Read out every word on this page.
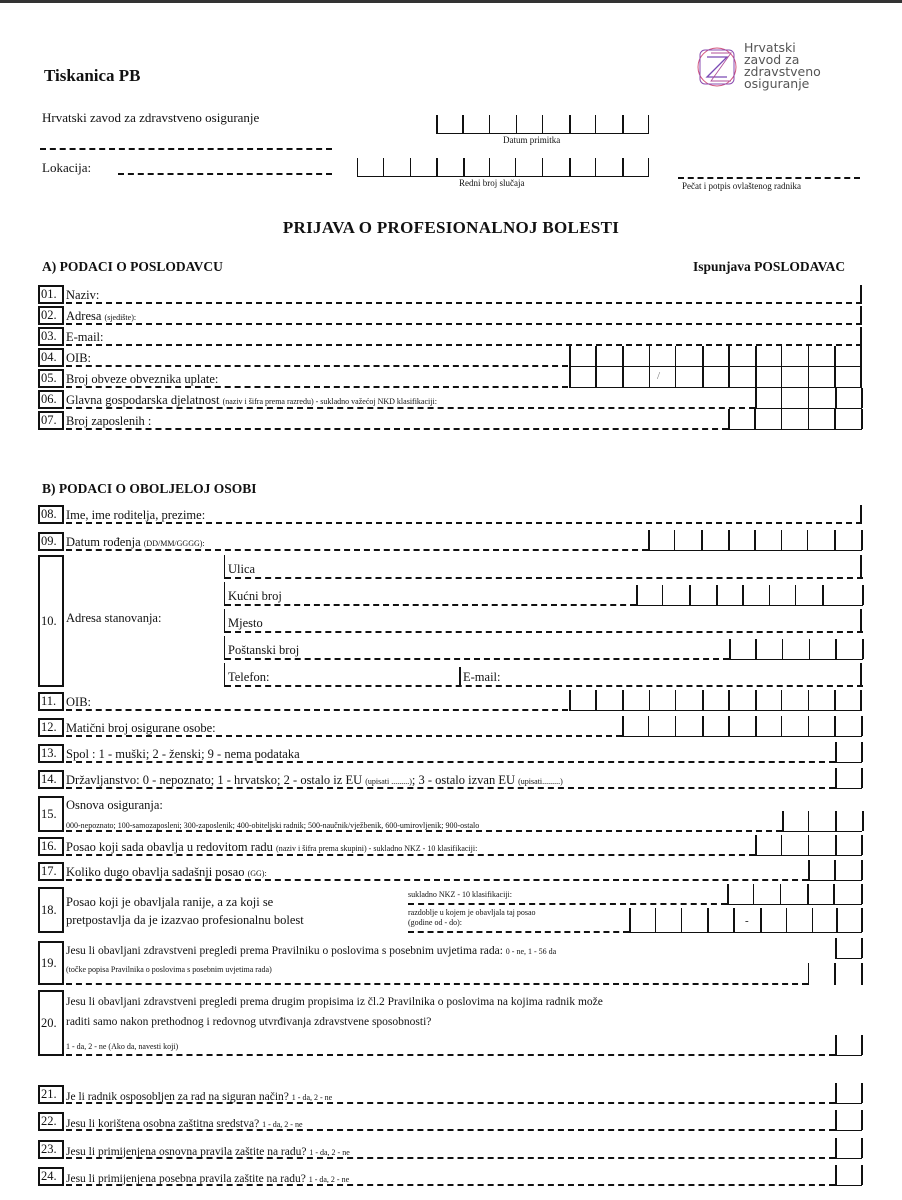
Tiskanica PB
Hrvatski zavod za zdravstveno osiguranje
Lokacija:
Datum primitka
Redni broj slučaja	Pečat i potpis ovlaštenog radnika
Hrvatski
zavod za
zdravstveno
osiguranje
PRIJAVA O PROFESIONALNOJ BOLESTI
A) PODACI O POSLODAVCU	Ispunjava POSLODAVAC
01. Naziv:
02. Adresa (sjedište):
03. E-mail:
04. OIB:
05. Broj obveze obveznika uplate:	/
06. Glavna gospodarska djelatnost (naziv i šifra prema razredu) - sukladno važećoj NKD klasifikaciji:
07. Broj zaposlenih :
B) PODACI O OBOLJELOJ OSOBI
08. Ime, ime roditelja, prezime:
09. Datum rođenja (DD/MM/GGGG):
10. Adresa stanovanja:
Ulica
Kućni broj
Mjesto
Poštanski broj
Telefon:	E-mail:
11. OIB:
12. Matični broj osigurane osobe:
13. Spol : 1 - muški; 2 - ženski; 9 - nema podataka
14. Državljanstvo: 0 - nepoznato; 1 - hrvatsko; 2 - ostalo iz EU (upisati .........); 3 - ostalo izvan EU (upisati.........)
15.
Osnova osiguranja:
000-nepoznato; 100-samozaposleni; 300-zaposlenik; 400-obiteljski radnik; 500-naučnik/vježbenik, 600-umirovljenik; 900-ostalo
16. Posao koji sada obavlja u redovitom radu (naziv i šifra prema skupini) - sukladno NKZ - 10 klasifikaciji:
17. Koliko dugo obavlja sadašnji posao (GG):
18.
Posao koji je obavljala ranije, a za koji se
pretpostavlja da je izazvao profesionalnu bolest
sukladno NKZ - 10 klasifikaciji:
razdoblje u kojem je obavljala taj posao
(godine od - do):	-
19.
Jesu li obavljani zdravstveni pregledi prema Pravilniku o poslovima s posebnim uvjetima rada: 0 - ne, 1 - 56 da
(točke popisa Pravilnika o poslovima s posebnim uvjetima rada)
20.
Jesu li obavljani zdravstveni pregledi prema drugim propisima iz čl.2 Pravilnika o poslovima na kojima radnik može
raditi samo nakon prethodnog i redovnog utvrđivanja zdravstvene sposobnosti?
1 - da, 2 - ne (Ako da, navesti koji)
21. Je li radnik osposobljen za rad na siguran način? 1 - da, 2 - ne
22. Jesu li korištena osobna zaštitna sredstva? 1 - da, 2 - ne
23. Jesu li primijenjena osnovna pravila zaštite na radu? 1 - da, 2 - ne
24. Jesu li primijenjena posebna pravila zaštite na radu? 1 - da, 2 - ne
